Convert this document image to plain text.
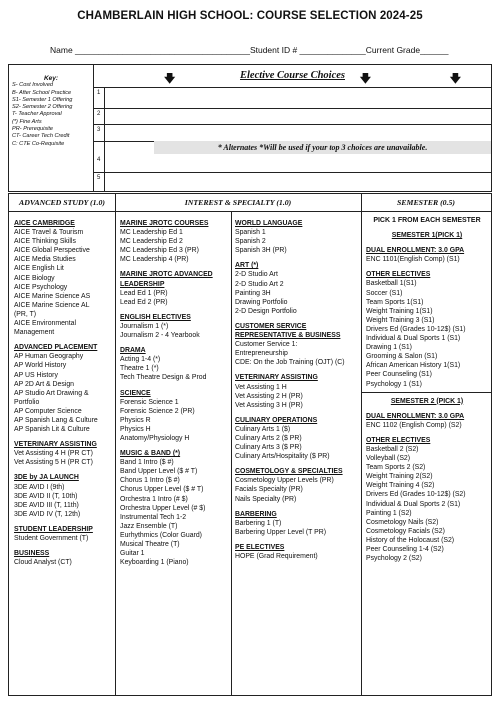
CHAMBERLAIN HIGH SCHOOL: COURSE SELECTION 2024-25
Name _____________________________________Student ID # ______________Current Grade______
Key:
S- Cost Involved
B- After School Practice
S1- Semester 1 Offering
S2- Semester 2 Offering
T- Teacher Approval
(*) Fine Arts
PR- Prerequisite
CT- Career Tech Credit
C: CTE Co-Requisite
🡇	Elective Course Choices 🡇	🡇
1
2
3
* Alternates *Will be used if your top 3 choices are unavailable.
4
5
ADVANCED STUDY (1.0)	INTEREST & SPECIALTY (1.0)	SEMESTER (0.5)
AICE CAMBRIDGE
AICE Travel & Tourism
AICE Thinking Skills
AICE Global Perspective
AICE Media Studies
AICE English Lit
AICE Biology
AICE Psychology
AICE Marine Science AS
AICE Marine Science AL
(PR, T)
AICE Environmental
Management
ADVANCED PLACEMENT
AP Human Geography
AP World History
AP US History
AP 2D Art & Design
AP Studio Art Drawing &
Portfolio
AP Computer Science
AP Spanish Lang & Culture
AP Spanish Lit & Culture
VETERINARY ASSISTING
Vet Assisting 4 H (PR CT)
Vet Assisting 5 H (PR CT)
3DE by JA LAUNCH
3DE AVID I (9th)
3DE AVID II (T, 10th)
3DE AVID III (T, 11th)
3DE AVID IV (T, 12th)
STUDENT LEADERSHIP
Student Government (T)
BUSINESS
Cloud Analyst (CT)
MARINE JROTC COURSES
MC Leadership Ed 1
MC Leadership Ed 2
MC Leadership Ed 3 (PR)
MC Leadership 4 (PR)
MARINE JROTC ADVANCED
LEADERSHIP
Lead Ed 1 (PR)
Lead Ed 2 (PR)
ENGLISH ELECTIVES
Journalism 1 (*)
Journalism 2 - 4 Yearbook
DRAMA
Acting 1-4 (*)
Theatre 1 (*)
Tech Theatre Design & Prod
SCIENCE
Forensic Science 1
Forensic Science 2 (PR)
Physics R
Physics H
Anatomy/Physiology H
MUSIC & BAND (*)
Band 1 Intro ($ #)
Band Upper Level ($ # T)
Chorus 1 Intro ($ #)
Chorus Upper Level ($ # T)
Orchestra 1 Intro (# $)
Orchestra Upper Level (# $)
Instrumental Tech 1-2
Jazz Ensemble (T)
Eurhythmics (Color Guard)
Musical Theatre (T)
Guitar 1
Keyboarding 1 (Piano)
WORLD LANGUAGE
Spanish 1
Spanish 2
Spanish 3H (PR)
ART (*)
2-D Studio Art
2-D Studio Art 2
Painting 3H
Drawing Portfolio
2-D Design Portfolio
CUSTOMER SERVICE
REPRESENTATIVE & BUSINESS
Customer Service 1:
Entrepreneurship
CDE: On the Job Training (OJT) (C)
VETERINARY ASSISTING
Vet Assisting 1 H
Vet Assisting 2 H (PR)
Vet Assisting 3 H (PR)
CULINARY OPERATIONS
Culinary Arts 1 ($)
Culinary Arts 2 ($ PR)
Culinary Arts 3 ($ PR)
Culinary Arts/Hospitality ($ PR)
COSMETOLOGY & SPECIALTIES
Cosmetology Upper Levels (PR)
Facials Specialty (PR)
Nails Specialty (PR)
BARBERING
Barbering 1 (T)
Barbering Upper Level (T PR)
PE ELECTIVES
HOPE (Grad Requirement)
PICK 1 FROM EACH SEMESTER
SEMESTER 1(PICK 1)
DUAL ENROLLMENT: 3.0 GPA
ENC 1101(English Comp) (S1)
OTHER ELECTIVES
Basketball 1(S1)
Soccer (S1)
Team Sports 1(S1)
Weight Training 1(S1)
Weight Training 3 (S1)
Drivers Ed (Grades 10-12$) (S1)
Individual & Dual Sports 1 (S1)
Drawing 1 (S1)
Grooming & Salon (S1)
African American History 1(S1)
Peer Counseling (S1)
Psychology 1 (S1)
SEMESTER 2 (PICK 1)
DUAL ENROLLMENT: 3.0 GPA
ENC 1102 (English Comp) (S2)
OTHER ELECTIVES
Basketball 2 (S2)
Volleyball (S2)
Team Sports 2 (S2)
Weight Training 2(S2)
Weight Training 4 (S2)
Drivers Ed (Grades 10-12$) (S2)
Individual & Dual Sports 2 (S1)
Painting 1 (S2)
Cosmetology Nails (S2)
Cosmetology Facials (S2)
History of the Holocaust (S2)
Peer Counseling 1-4 (S2)
Psychology 2 (S2)
